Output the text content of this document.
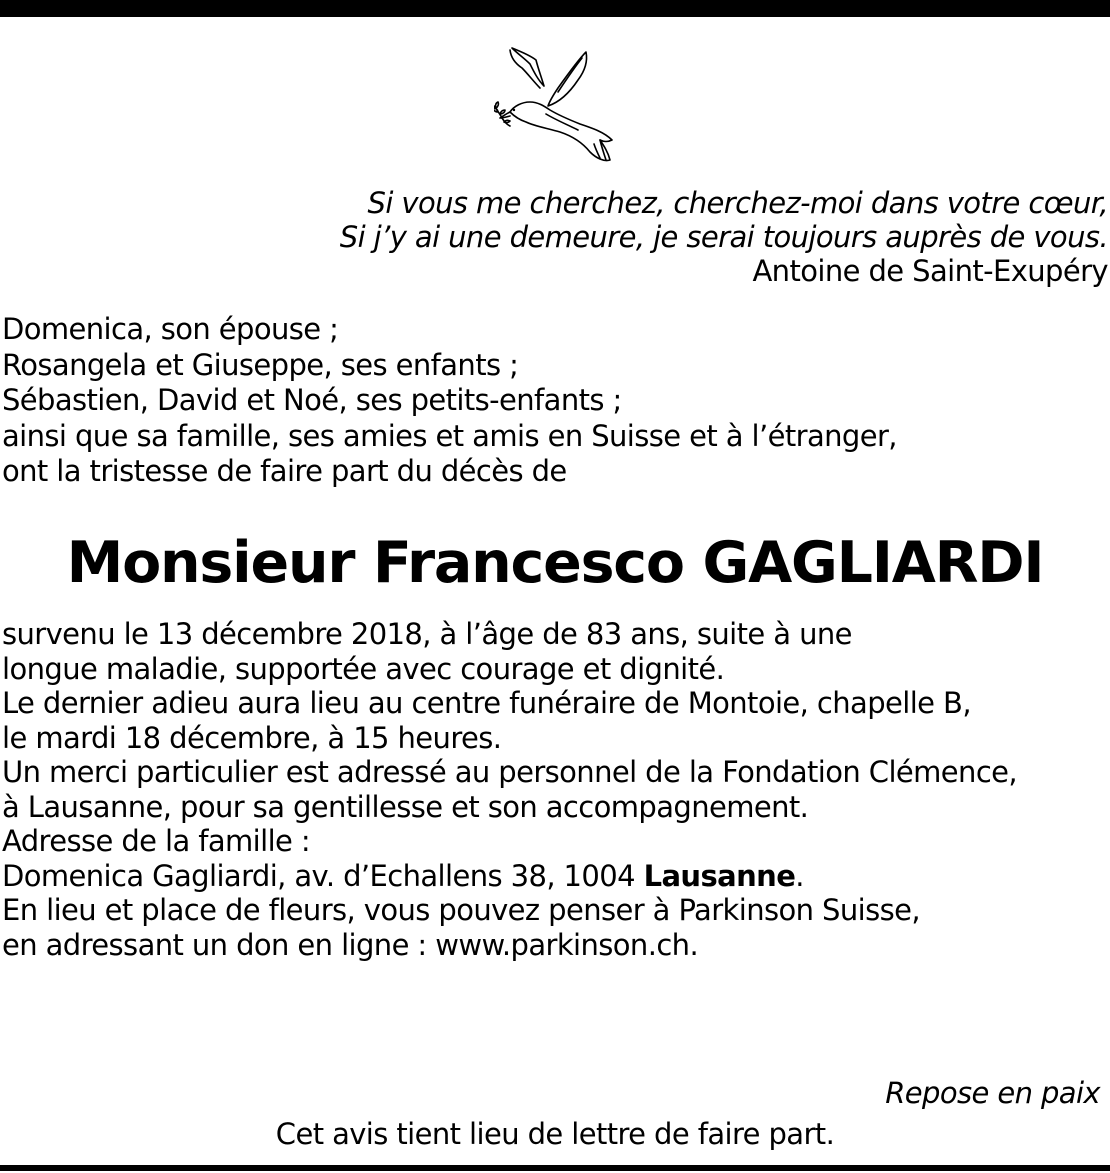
Si vous me cherchez, cherchez-moi dans votre cœur,
Si j’y ai une demeure, je serai toujours auprès de vous.
Antoine de Saint-Exupéry
Domenica, son épouse ;
Rosangela et Giuseppe, ses enfants ;
Sébastien, David et Noé, ses petits-enfants ;
ainsi que sa famille, ses amies et amis en Suisse et à l’étranger,
ont la tristesse de faire part du décès de
Monsieur Francesco GAGLIARDI
survenu le 13 décembre 2018, à l’âge de 83 ans, suite à une
longue maladie, supportée avec courage et dignité.
Le dernier adieu aura lieu au centre funéraire de Montoie, chapelle B,
le mardi 18 décembre, à 15 heures.
Un merci particulier est adressé au personnel de la Fondation Clémence,
à Lausanne, pour sa gentillesse et son accompagnement.
Adresse de la famille :
Domenica Gagliardi, av. d’Echallens 38, 1004 Lausanne.
En lieu et place de fleurs, vous pouvez penser à Parkinson Suisse,
en adressant un don en ligne : www.parkinson.ch.
Repose en paix
Cet avis tient lieu de lettre de faire part.
